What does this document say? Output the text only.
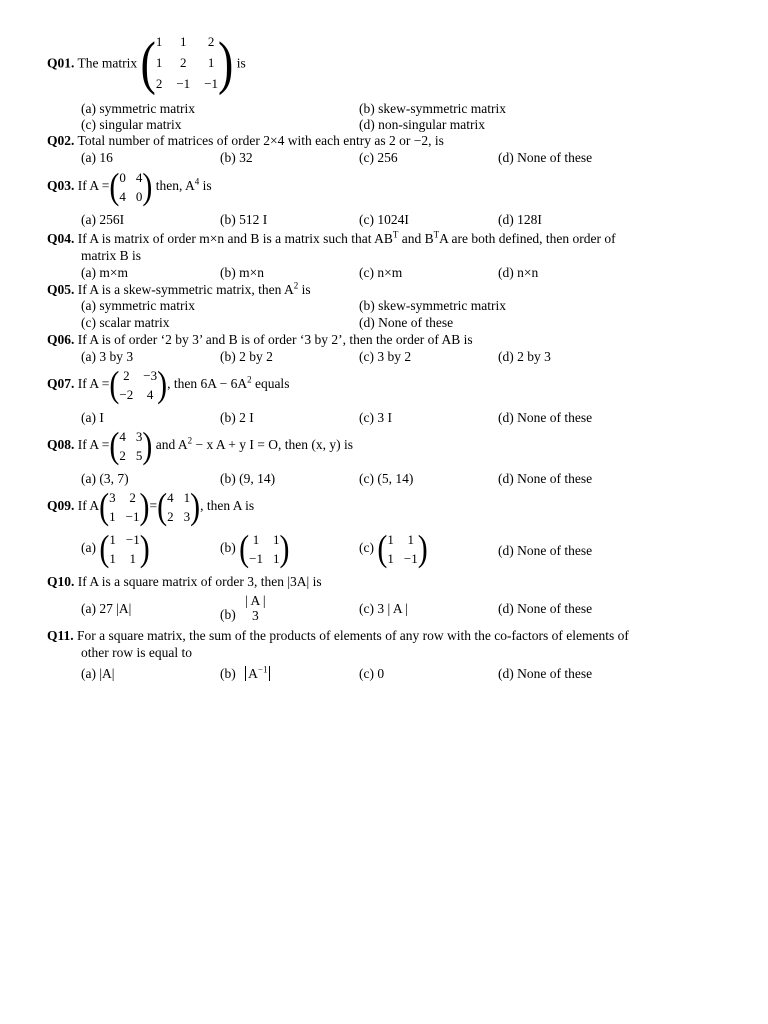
Q01. The matrix ( 1 1 2
1 2 1
2 −1 −1 ) is
(a) symmetric matrix	(b) skew-symmetric matrix
(c) singular matrix	(d) non-singular matrix
Q02. Total number of matrices of order 2×4 with each entry as 2 or −2, is
(a) 16	(b) 32	(c) 256	(d) None of these
Q03. If A = ( 0 4
4 0 ) then, $A^4$ is
(a) 256I	(b) 512 I	(c) 1024I	(d) 128I
Q04. If A is matrix of order m×n and B is a matrix such that $AB^T$ and $B^TA$ are both defined, then order of
matrix B is
(a) m×m	(b) m×n	(c) n×m	(d) n×n
Q05. If A is a skew-symmetric matrix, then $A^2$ is
(a) symmetric matrix	(b) skew-symmetric matrix
(c) scalar matrix	(d) None of these
Q06. If A is of order ‘2 by 3’ and B is of order ‘3 by 2’, then the order of AB is
(a) 3 by 3	(b) 2 by 2	(c) 3 by 2	(d) 2 by 3
Q07. If A = ( 2 −3
−2 4 ) , then $6A - 6A^2$ equals
(a) I	(b) 2 I	(c) 3 I	(d) None of these
Q08. If A = ( 4 3
2 5 ) and $A^2 - x$ A + y I = O, then (x, y) is
(a) (3, 7)	(b) (9, 14)	(c) (5, 14)	(d) None of these
Q09. If A ( 3 2
1 −1 ) = ( 4 1
2 3 ) , then A is
(a) ( 1 −1
1 1 )	(b) ( 1 1
−1 1 )	(c) ( 1 1
1 −1 )	(d) None of these
Q10. If A is a square matrix of order 3, then |3A| is
(a) 27 |A|	(b)
| A |
3	(c) 3 | A |	(d) None of these
Q11. For a square matrix, the sum of the products of elements of any row with the co-factors of elements of
other row is equal to
(a) |A|	(b) $A^{-1}$	(c) 0	(d) None of these
